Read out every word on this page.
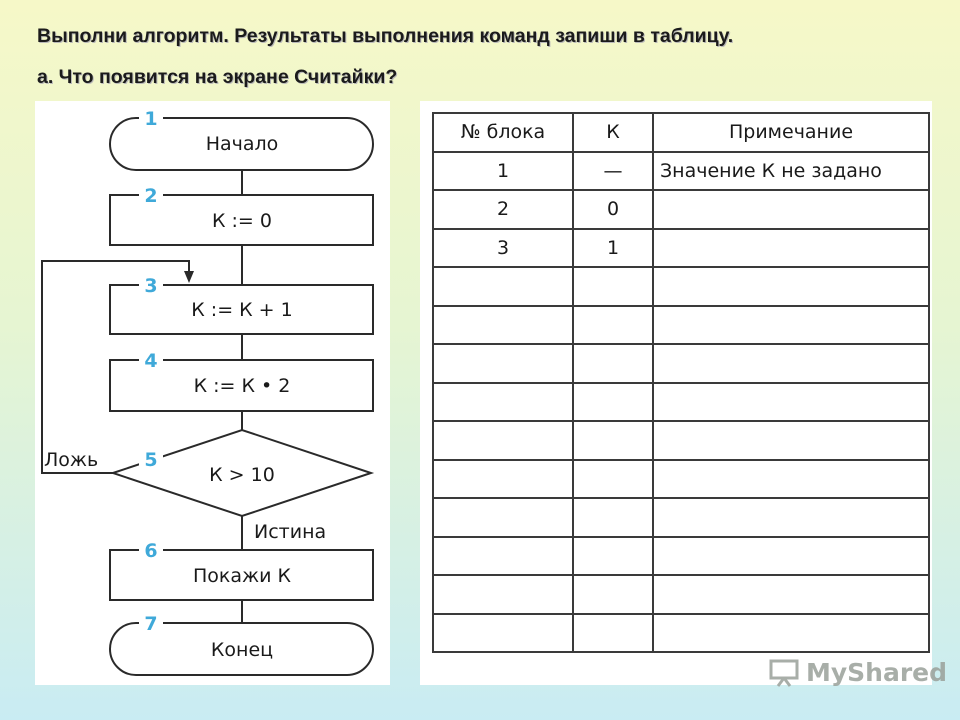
Выполни алгоритм. Результаты выполнения команд запиши в таблицу.
а. Что появится на экране Считайки?
1
2
3
4
5
6
7
Начало
К := 0
К := К + 1
К := К • 2
К > 10
Покажи К
Конец
Ложь
Истина
№ блока	К	Примечание
1	—	Значение К не задано
2	0	
3	1	

MyShared
